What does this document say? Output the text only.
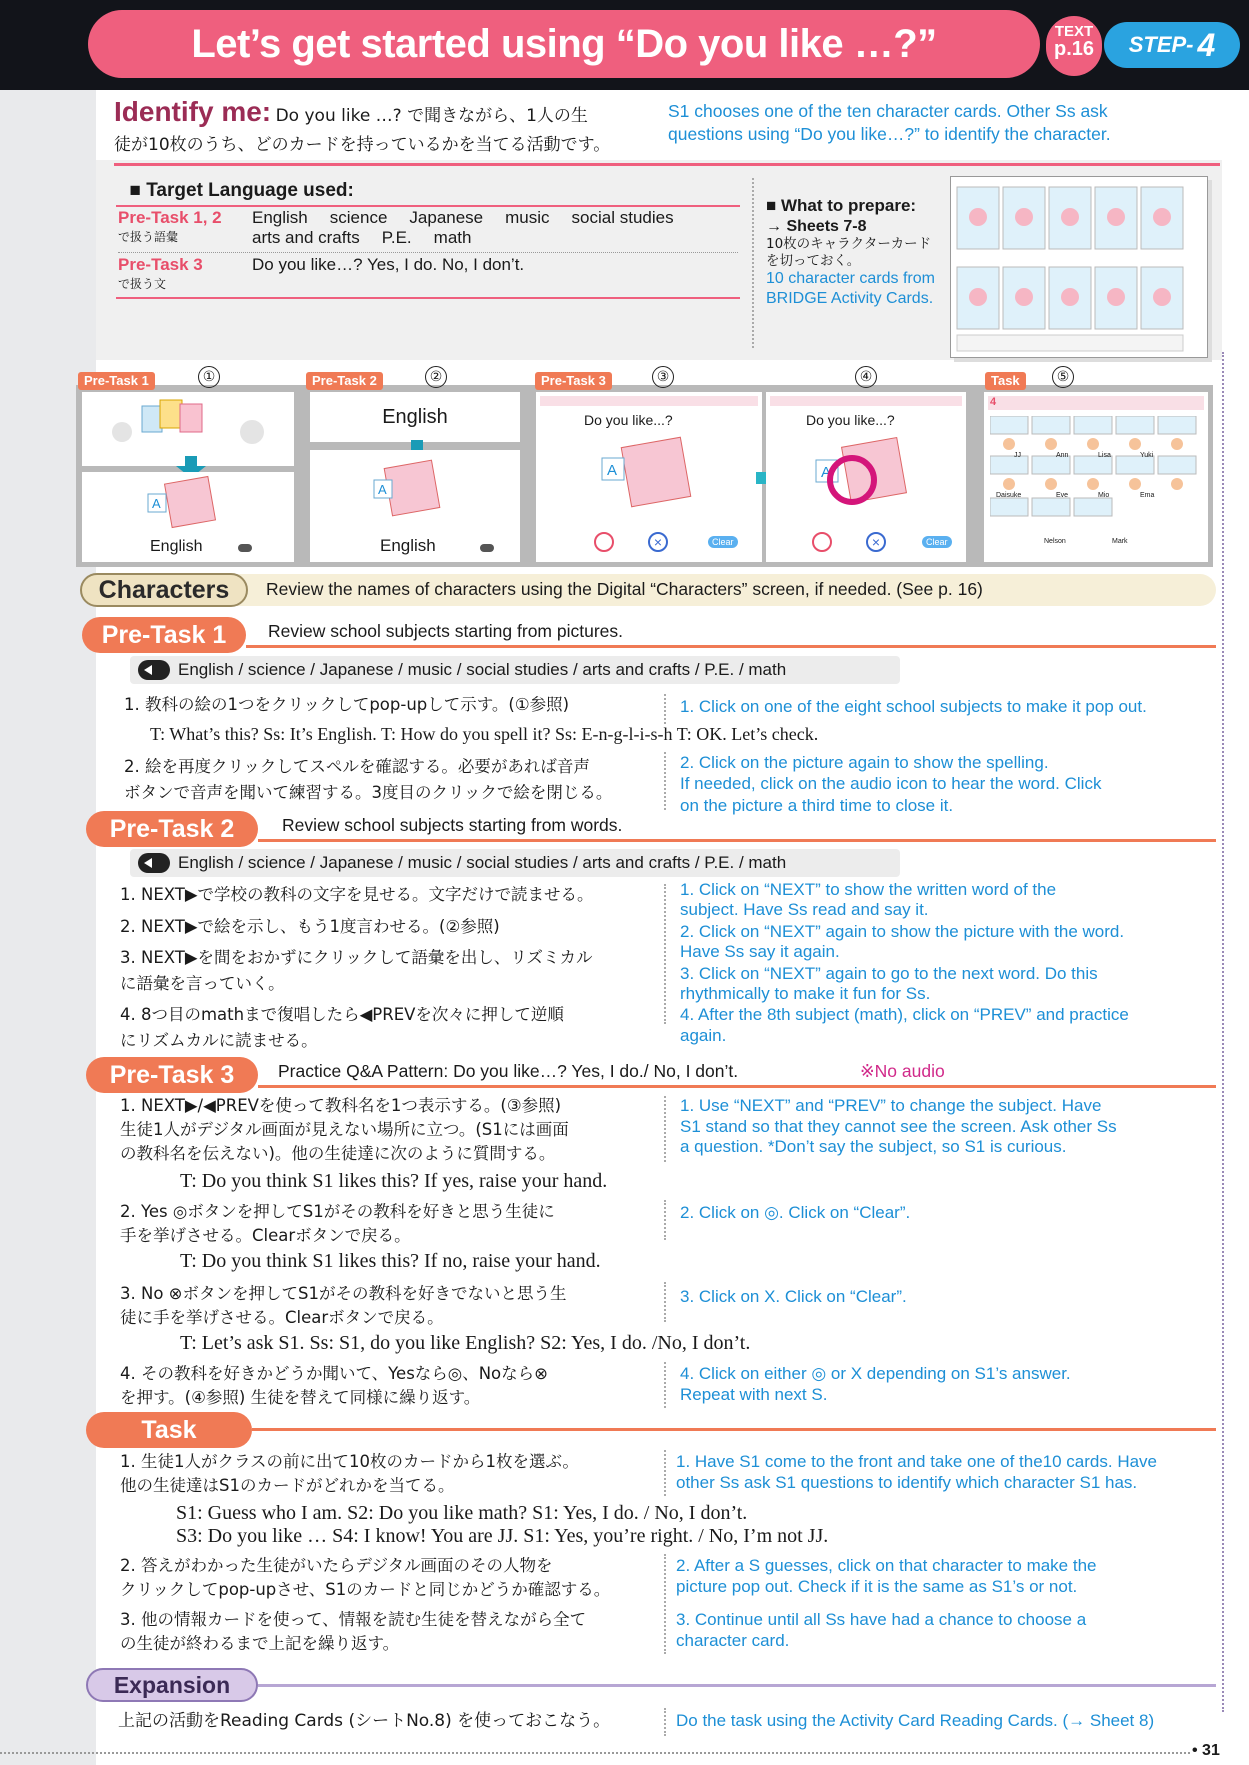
Let’s get started using “Do you like …?”	TEXT
p.16	STEP- 4
Identify me: Do you like …? で聞きながら、1人の生
徒が10枚のうち、どのカードを持っているかを当てる活動です。
S1 chooses one of the ten character cards. Other Ss ask
questions using “Do you like…?” to identify the character.
■ Target Language used:
Pre-Task 1, 2
で扱う語彙
English science Japanese music social studies
arts and crafts P.E. math
Pre-Task 3
で扱う文
Do you like…? Yes, I do. No, I don’t.
■ What to prepare:
→ Sheets 7-8
10枚のキャラクターカード
を切っておく。
10 character cards from
BRIDGE Activity Cards.
Pre-Task 1	①	Pre-Task 2	②	Pre-Task 3	③	④	Task	⑤
A
English
English
A
English
Do you like...?
A
×	Clear
Do you like...?
A
×	Clear
4
JJ	Ann	Lisa	Yuki
Daisuke	Eve	Mio	Ema
Nelson	Mark
Characters Review the names of characters using the Digital “Characters” screen, if needed. (See p. 16)
Pre-Task 1 Review school subjects starting from pictures.
English / science / Japanese / music / social studies / arts and crafts / P.E. / math
1. 教科の絵の1つをクリックしてpop-upして示す。(①参照)
T: What’s this? Ss: It’s English. T: How do you spell it? Ss: E-n-g-l-i-s-h T: OK. Let’s check.
2. 絵を再度クリックしてスペルを確認する。必要があれば音声
ボタンで音声を聞いて練習する。3度目のクリックで絵を閉じる。
1. Click on one of the eight school subjects to make it pop out.
2. Click on the picture again to show the spelling.
If needed, click on the audio icon to hear the word. Click
on the picture a third time to close it.
Pre-Task 2	Review school subjects starting from words.
English / science / Japanese / music / social studies / arts and crafts / P.E. / math
1. NEXT▶で学校の教科の文字を見せる。文字だけで読ませる。
2. NEXT▶で絵を示し、もう1度言わせる。(②参照)
3. NEXT▶を間をおかずにクリックして語彙を出し、リズミカル
に語彙を言っていく。
4. 8つ目のmathまで復唱したら◀PREVを次々に押して逆順
にリズムカルに読ませる。
1. Click on “NEXT” to show the written word of the
subject. Have Ss read and say it.
2. Click on “NEXT” again to show the picture with the word.
Have Ss say it again.
3. Click on “NEXT” again to go to the next word. Do this
rhythmically to make it fun for Ss.
4. After the 8th subject (math), click on “PREV” and practice
again.
Pre-Task 3 Practice Q&A Pattern: Do you like…? Yes, I do./ No, I don’t.	※No audio
1. NEXT▶/◀PREVを使って教科名を1つ表示する。(③参照)
生徒1人がデジタル画面が見えない場所に立つ。(S1には画面
の教科名を伝えない)。他の生徒達に次のように質問する。
1. Use “NEXT” and “PREV” to change the subject. Have
S1 stand so that they cannot see the screen. Ask other Ss
a question. *Don’t say the subject, so S1 is curious.
T: Do you think S1 likes this? If yes, raise your hand.
2. Yes ◎ボタンを押してS1がその教科を好きと思う生徒に
手を挙げさせる。Clearボタンで戻る。
2. Click on ◎. Click on “Clear”.
T: Do you think S1 likes this? If no, raise your hand.
3. No ⊗ボタンを押してS1がその教科を好きでないと思う生
徒に手を挙げさせる。Clearボタンで戻る。
3. Click on X. Click on “Clear”.
T: Let’s ask S1. Ss: S1, do you like English? S2: Yes, I do. /No, I don’t.
4. その教科を好きかどうか聞いて、Yesなら◎、Noなら⊗
を押す。(④参照) 生徒を替えて同様に繰り返す。
4. Click on either ◎ or X depending on S1’s answer.
Repeat with next S.
Task
1. 生徒1人がクラスの前に出て10枚のカードから1枚を選ぶ。
他の生徒達はS1のカードがどれかを当てる。
1. Have S1 come to the front and take one of the10 cards. Have
other Ss ask S1 questions to identify which character S1 has.
S1: Guess who I am. S2: Do you like math? S1: Yes, I do. / No, I don’t.
S3: Do you like … S4: I know! You are JJ. S1: Yes, you’re right. / No, I’m not JJ.
2. 答えがわかった生徒がいたらデジタル画面のその人物を
クリックしてpop-upさせ、S1のカードと同じかどうか確認する。
2. After a S guesses, click on that character to make the
picture pop out. Check if it is the same as S1’s or not.
3. 他の情報カードを使って、情報を読む生徒を替えながら全て
の生徒が終わるまで上記を繰り返す。
3. Continue until all Ss have had a chance to choose a
character card.
Expansion
上記の活動をReading Cards (シートNo.8) を使っておこなう。	Do the task using the Activity Card Reading Cards. (→ Sheet 8)
• 31
